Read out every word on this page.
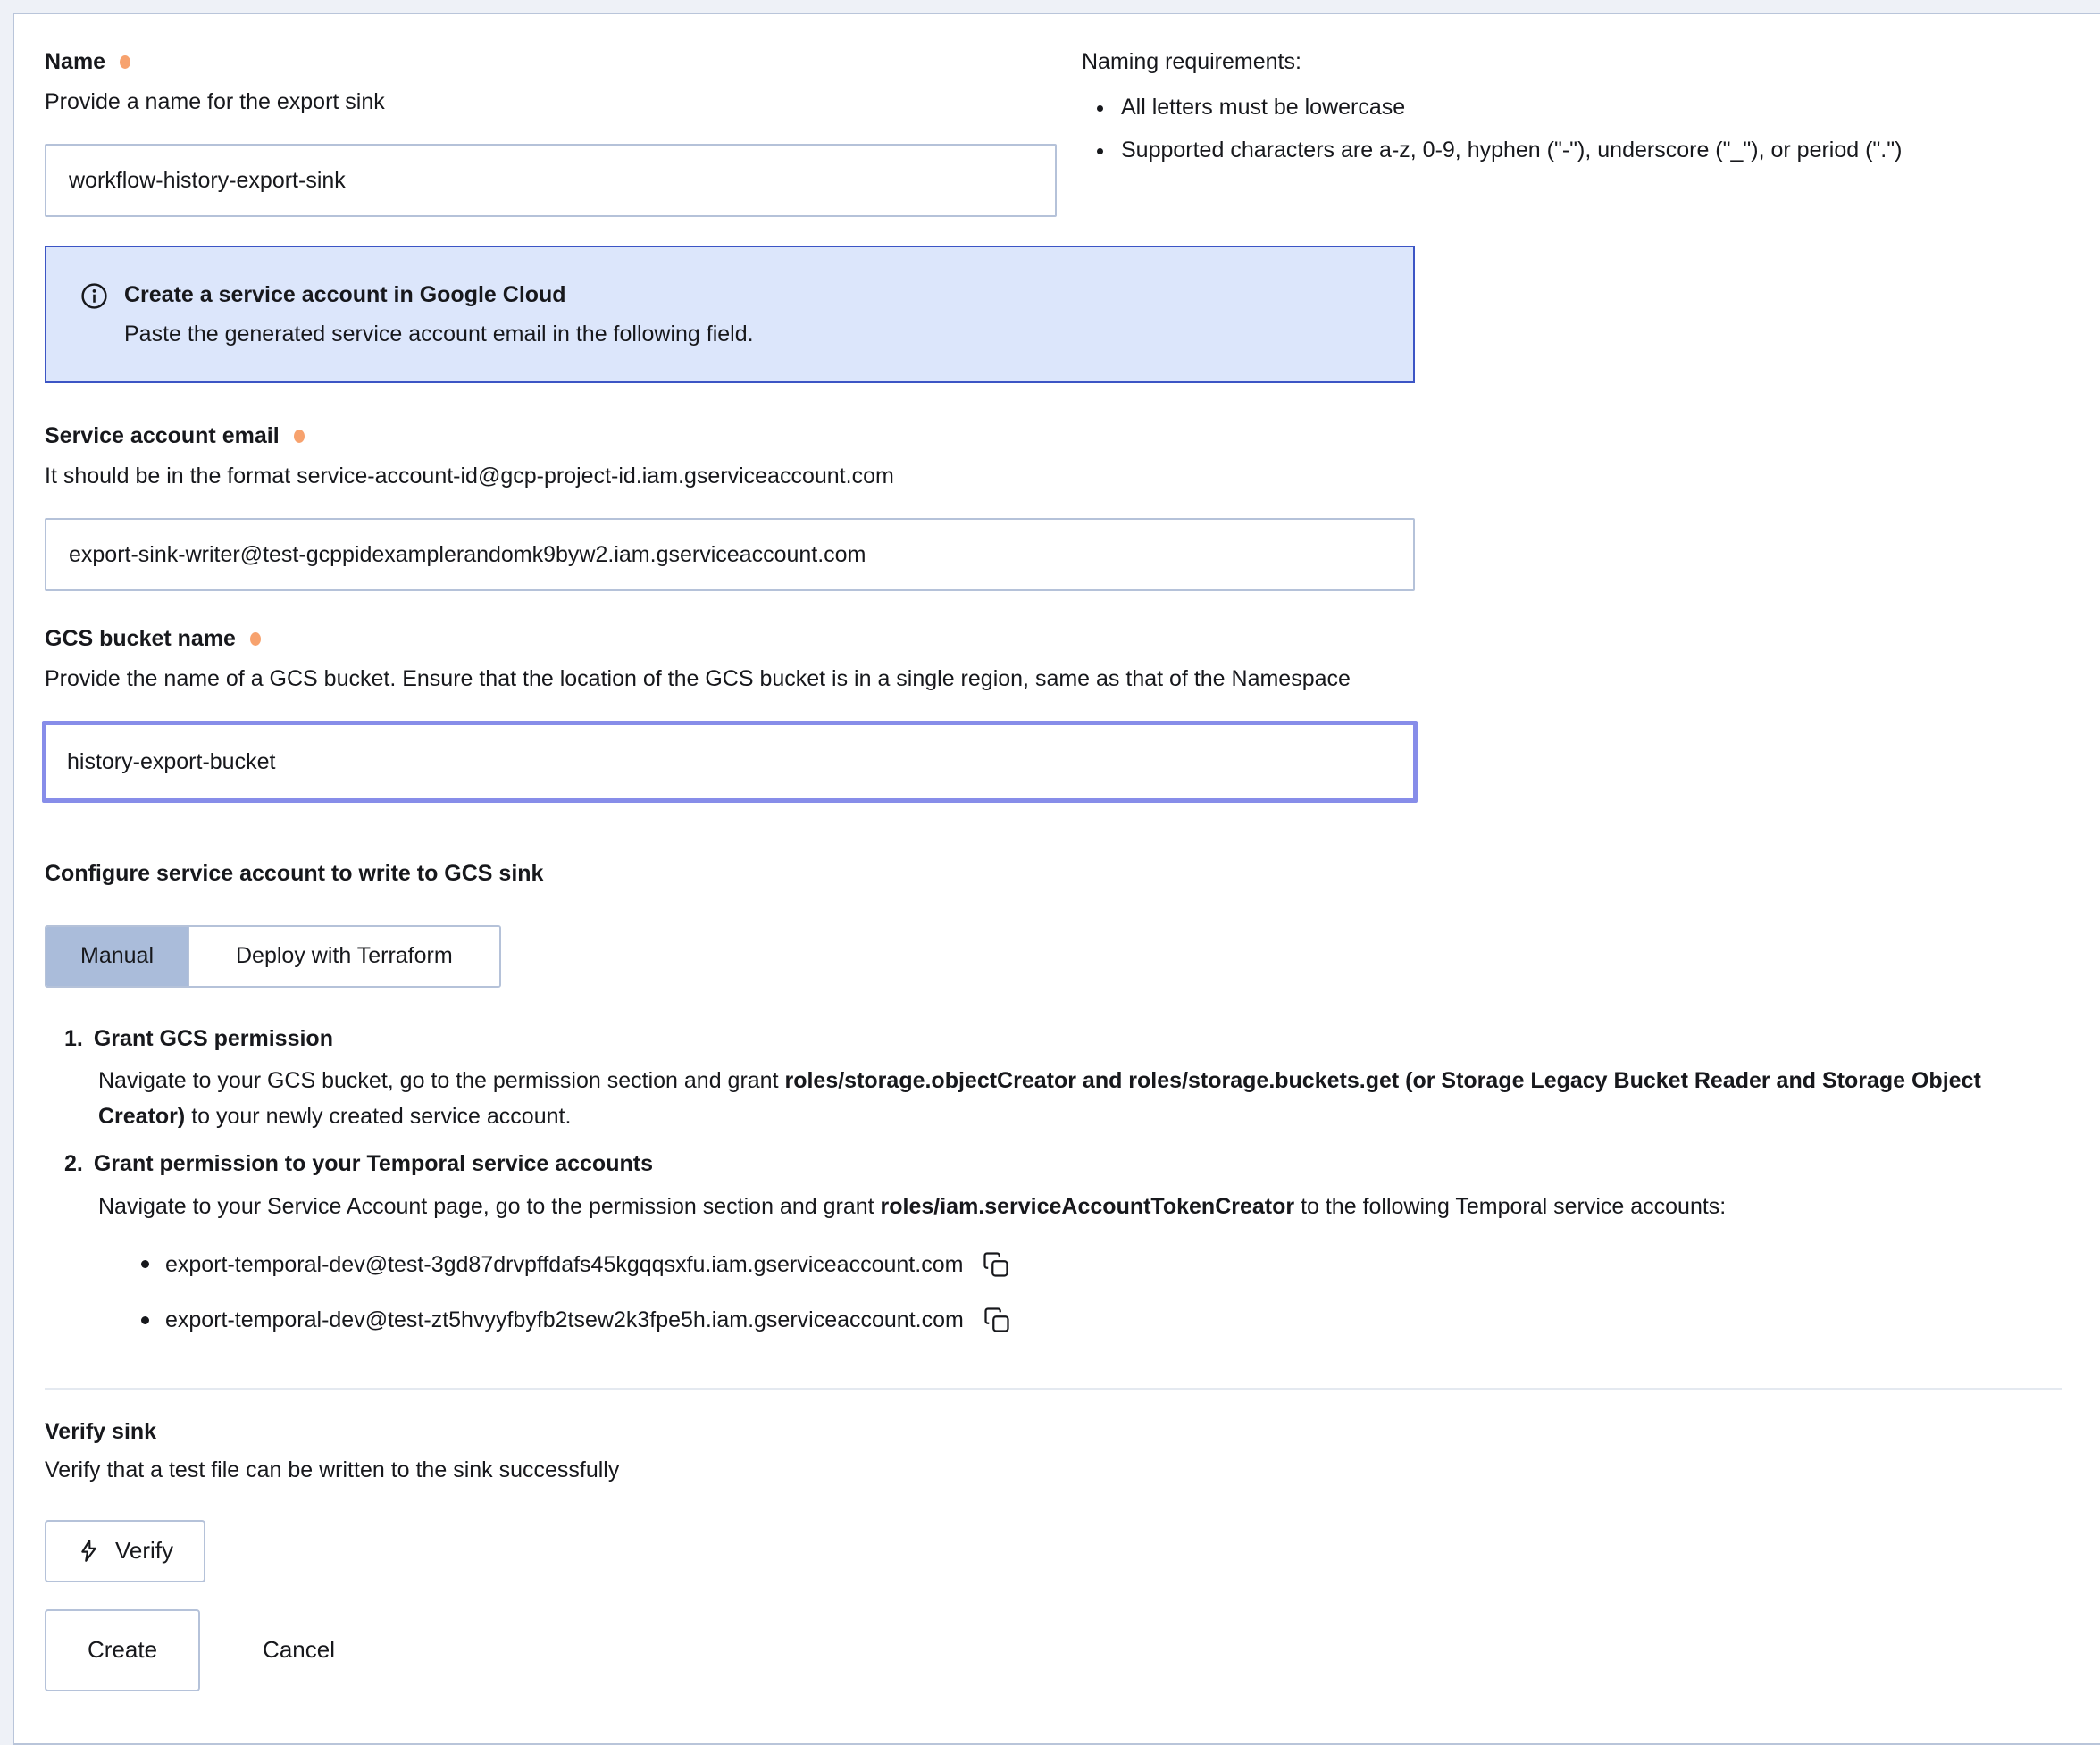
Name
Provide a name for the export sink
workflow-history-export-sink
Naming requirements:
• All letters must be lowercase
• Supported characters are a-z, 0-9, hyphen ("-"), underscore ("_"), or period (".")
Create a service account in Google Cloud
Paste the generated service account email in the following field.
Service account email
It should be in the format service-account-id@gcp-project-id.iam.gserviceaccount.com
export-sink-writer@test-gcppidexamplerandomk9byw2.iam.gserviceaccount.com
GCS bucket name
Provide the name of a GCS bucket. Ensure that the location of the GCS bucket is in a single region, same as that of the Namespace
history-export-bucket
Configure service account to write to GCS sink
Manual	Deploy with Terraform
1. Grant GCS permission

Navigate to your GCS bucket, go to the permission section and grant roles/storage.objectCreator and roles/storage.buckets.get (or Storage Legacy Bucket Reader and Storage Object Creator) to your newly created service account.

2. Grant permission to your Temporal service accounts

Navigate to your Service Account page, go to the permission section and grant roles/iam.serviceAccountTokenCreator to the following Temporal service accounts:

export-temporal-dev@test-3gd87drvpffdafs45kgqqsxfu.iam.gserviceaccount.com
export-temporal-dev@test-zt5hvyyfbyfb2tsew2k3fpe5h.iam.gserviceaccount.com
Verify sink
Verify that a test file can be written to the sink successfully
Verify
Create	Cancel
